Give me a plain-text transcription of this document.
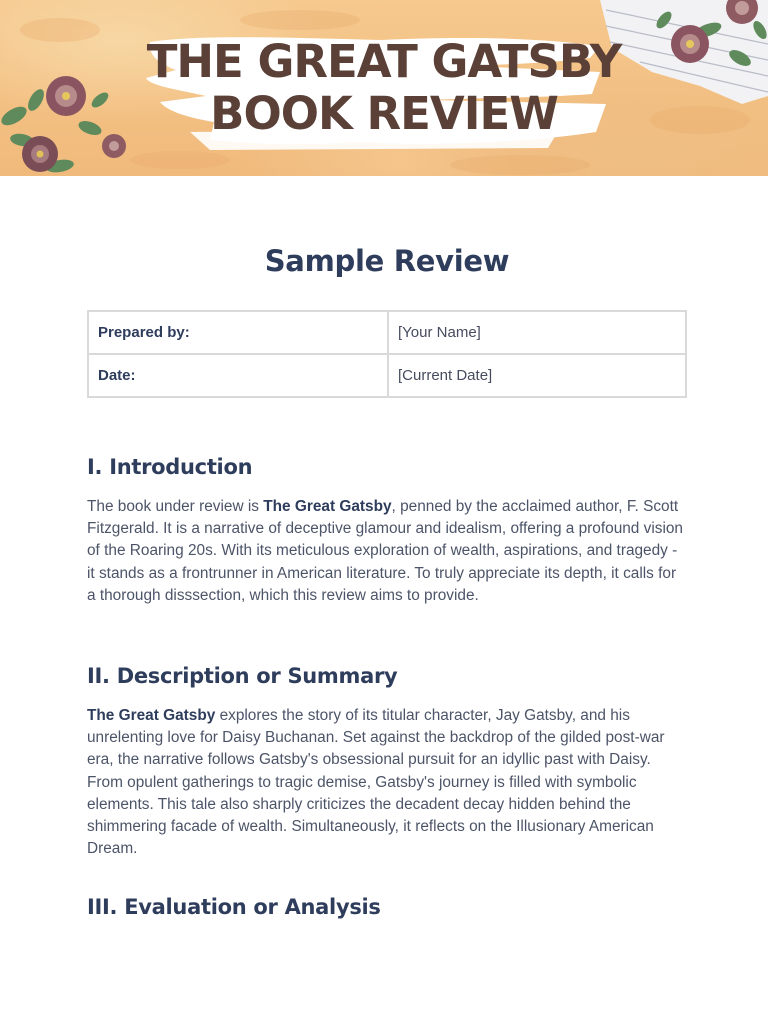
THE GREAT GATSBY
BOOK REVIEW
Sample Review
Prepared by:	[Your Name]
Date:	[Current Date]
I. Introduction
The book under review is The Great Gatsby, penned by the acclaimed author, F. Scott Fitzgerald. It is a narrative of deceptive glamour and idealism, offering a profound vision of the Roaring 20s. With its meticulous exploration of wealth, aspirations, and tragedy - it stands as a frontrunner in American literature. To truly appreciate its depth, it calls for a thorough disssection, which this review aims to provide.
II. Description or Summary
The Great Gatsby explores the story of its titular character, Jay Gatsby, and his unrelenting love for Daisy Buchanan. Set against the backdrop of the gilded post-war era, the narrative follows Gatsby's obsessional pursuit for an idyllic past with Daisy. From opulent gatherings to tragic demise, Gatsby's journey is filled with symbolic elements. This tale also sharply criticizes the decadent decay hidden behind the shimmering facade of wealth. Simultaneously, it reflects on the Illusionary American Dream.
III. Evaluation or Analysis
